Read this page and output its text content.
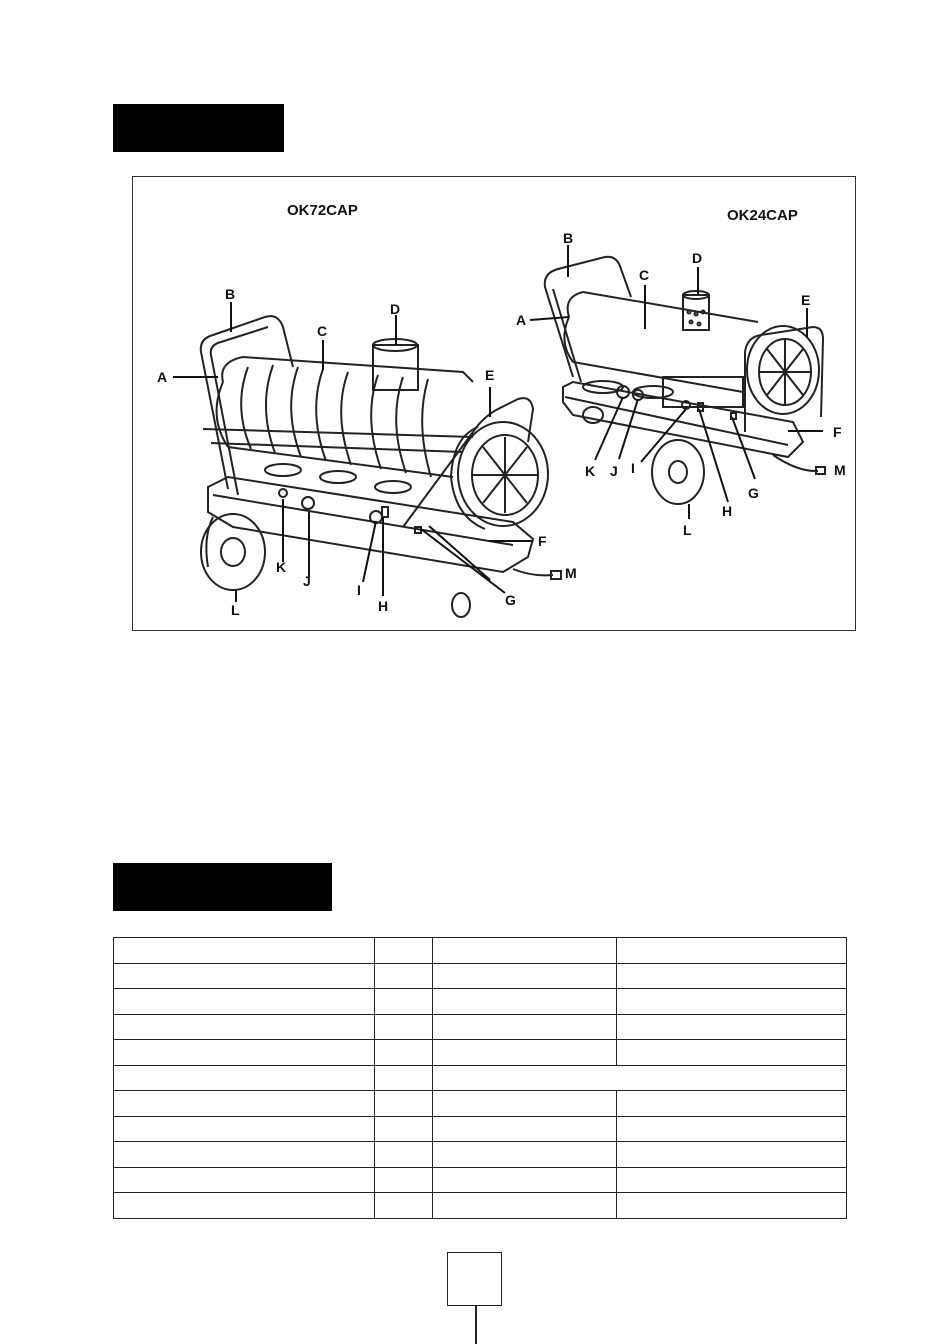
OK72CAP	OK24CAP
A
B
C
D
E
F
G
H
I
J
K
L
M
A
B
C
D
E
F
G
H
I
J
K
L
M
